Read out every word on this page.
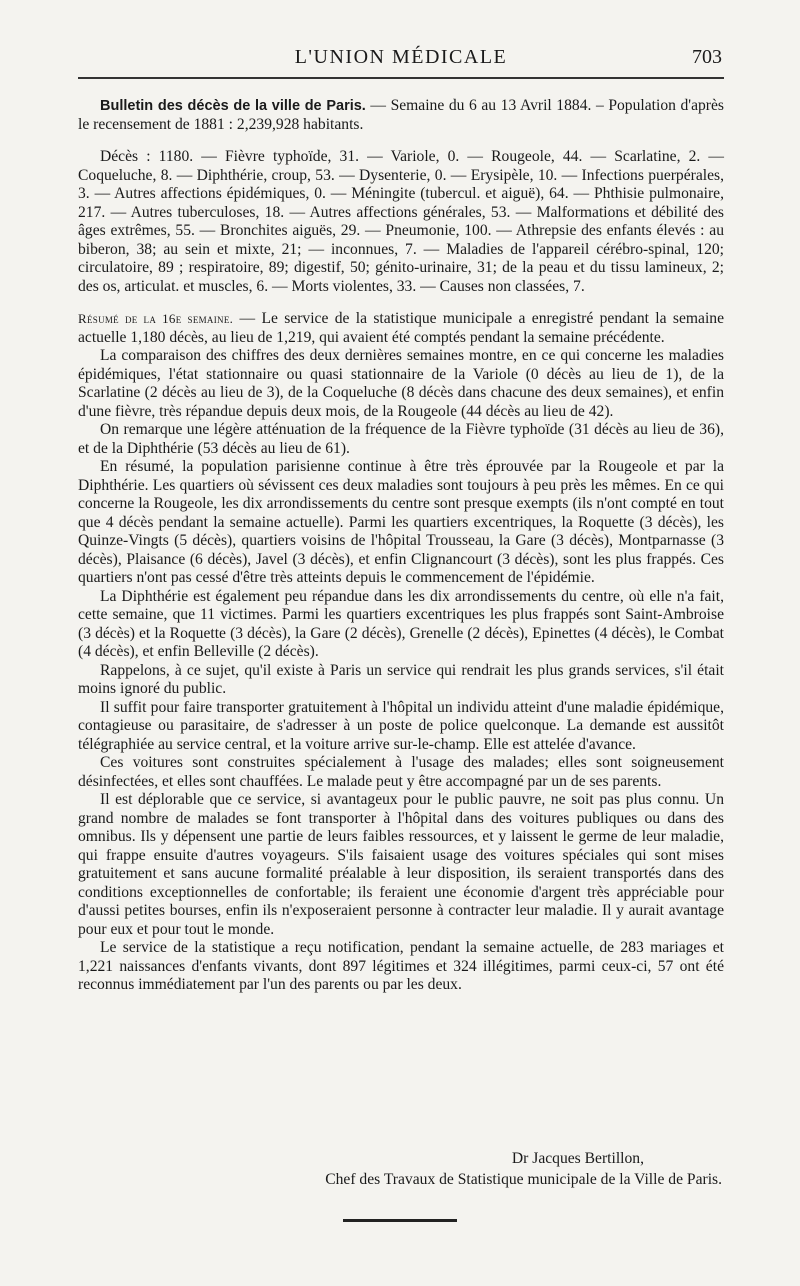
L'UNION MÉDICALE	703

Bulletin des décès de la ville de Paris. — Semaine du 6 au 13 Avril 1884. – Population d'après le recensement de 1881 : 2,239,928 habitants.

Décès : 1180. — Fièvre typhoïde, 31. — Variole, 0. — Rougeole, 44. — Scarlatine, 2. — Coqueluche, 8. — Diphthérie, croup, 53. — Dysenterie, 0. — Erysipèle, 10. — Infections puerpérales, 3. — Autres affections épidémiques, 0. — Méningite (tubercul. et aiguë), 64. — Phthisie pulmonaire, 217. — Autres tuberculoses, 18. — Autres affections générales, 53. — Malformations et débilité des âges extrêmes, 55. — Bronchites aiguës, 29. — Pneumonie, 100. — Athrepsie des enfants élevés : au biberon, 38; au sein et mixte, 21; — inconnues, 7. — Maladies de l'appareil cérébro-spinal, 120; circulatoire, 89 ; respiratoire, 89; digestif, 50; génito-urinaire, 31; de la peau et du tissu lamineux, 2; des os, articulat. et muscles, 6. — Morts violentes, 33. — Causes non classées, 7.

Résumé de la 16e semaine. — Le service de la statistique municipale a enregistré pendant la semaine actuelle 1,180 décès, au lieu de 1,219, qui avaient été comptés pendant la semaine précédente.

La comparaison des chiffres des deux dernières semaines montre, en ce qui concerne les maladies épidémiques, l'état stationnaire ou quasi stationnaire de la Variole (0 décès au lieu de 1), de la Scarlatine (2 décès au lieu de 3), de la Coqueluche (8 décès dans chacune des deux semaines), et enfin d'une fièvre, très répandue depuis deux mois, de la Rougeole (44 décès au lieu de 42).

On remarque une légère atténuation de la fréquence de la Fièvre typhoïde (31 décès au lieu de 36), et de la Diphthérie (53 décès au lieu de 61).

En résumé, la population parisienne continue à être très éprouvée par la Rougeole et par la Diphthérie. Les quartiers où sévissent ces deux maladies sont toujours à peu près les mêmes. En ce qui concerne la Rougeole, les dix arrondissements du centre sont presque exempts (ils n'ont compté en tout que 4 décès pendant la semaine actuelle). Parmi les quartiers excentriques, la Roquette (3 décès), les Quinze-Vingts (5 décès), quartiers voisins de l'hôpital Trousseau, la Gare (3 décès), Montparnasse (3 décès), Plaisance (6 décès), Javel (3 décès), et enfin Clignancourt (3 décès), sont les plus frappés. Ces quartiers n'ont pas cessé d'être très atteints depuis le commencement de l'épidémie.

La Diphthérie est également peu répandue dans les dix arrondissements du centre, où elle n'a fait, cette semaine, que 11 victimes. Parmi les quartiers excentriques les plus frappés sont Saint-Ambroise (3 décès) et la Roquette (3 décès), la Gare (2 décès), Grenelle (2 décès), Epinettes (4 décès), le Combat (4 décès), et enfin Belleville (2 décès).

Rappelons, à ce sujet, qu'il existe à Paris un service qui rendrait les plus grands services, s'il était moins ignoré du public.

Il suffit pour faire transporter gratuitement à l'hôpital un individu atteint d'une maladie épidémique, contagieuse ou parasitaire, de s'adresser à un poste de police quelconque. La demande est aussitôt télégraphiée au service central, et la voiture arrive sur-le-champ. Elle est attelée d'avance.

Ces voitures sont construites spécialement à l'usage des malades; elles sont soigneusement désinfectées, et elles sont chauffées. Le malade peut y être accompagné par un de ses parents.

Il est déplorable que ce service, si avantageux pour le public pauvre, ne soit pas plus connu. Un grand nombre de malades se font transporter à l'hôpital dans des voitures publiques ou dans des omnibus. Ils y dépensent une partie de leurs faibles ressources, et y laissent le germe de leur maladie, qui frappe ensuite d'autres voyageurs. S'ils faisaient usage des voitures spéciales qui sont mises gratuitement et sans aucune formalité préalable à leur disposition, ils seraient transportés dans des conditions exceptionnelles de confortable; ils feraient une économie d'argent très appréciable pour d'aussi petites bourses, enfin ils n'exposeraient personne à contracter leur maladie. Il y aurait avantage pour eux et pour tout le monde.

Le service de la statistique a reçu notification, pendant la semaine actuelle, de 283 mariages et 1,221 naissances d'enfants vivants, dont 897 légitimes et 324 illégitimes, parmi ceux-ci, 57 ont été reconnus immédiatement par l'un des parents ou par les deux.

Dr Jacques Bertillon,
Chef des Travaux de Statistique municipale de la Ville de Paris.
